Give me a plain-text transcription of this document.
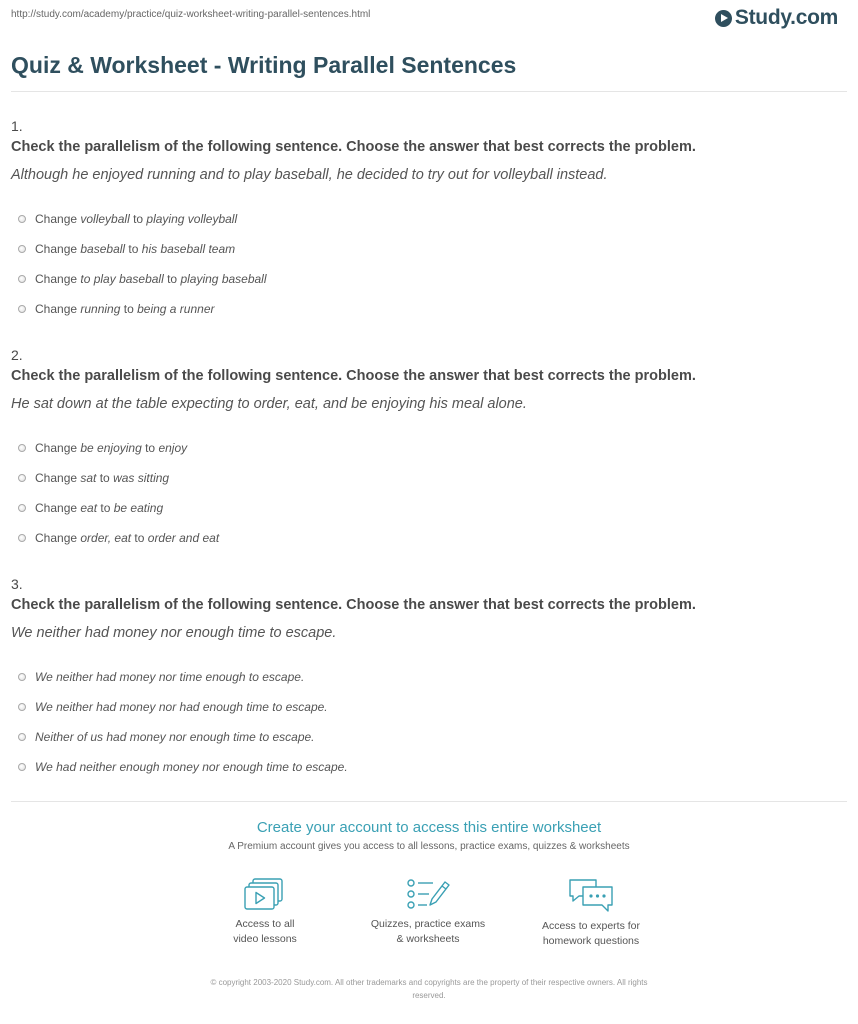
http://study.com/academy/practice/quiz-worksheet-writing-parallel-sentences.html	Study.com
Quiz & Worksheet - Writing Parallel Sentences
1.
Check the parallelism of the following sentence. Choose the answer that best corrects the problem.
Although he enjoyed running and to play baseball, he decided to try out for volleyball instead.
Change volleyball to playing volleyball
Change baseball to his baseball team
Change to play baseball to playing baseball
Change running to being a runner
2.
Check the parallelism of the following sentence. Choose the answer that best corrects the problem.
He sat down at the table expecting to order, eat, and be enjoying his meal alone.
Change be enjoying to enjoy
Change sat to was sitting
Change eat to be eating
Change order, eat to order and eat
3.
Check the parallelism of the following sentence. Choose the answer that best corrects the problem.
We neither had money nor enough time to escape.
We neither had money nor time enough to escape.
We neither had money nor had enough time to escape.
Neither of us had money nor enough time to escape.
We had neither enough money nor enough time to escape.
Create your account to access this entire worksheet
A Premium account gives you access to all lessons, practice exams, quizzes & worksheets
Access to all
video lessons
Quizzes, practice exams
& worksheets
Access to experts for
homework questions
© copyright 2003-2020 Study.com. All other trademarks and copyrights are the property of their respective owners. All rights
reserved.
